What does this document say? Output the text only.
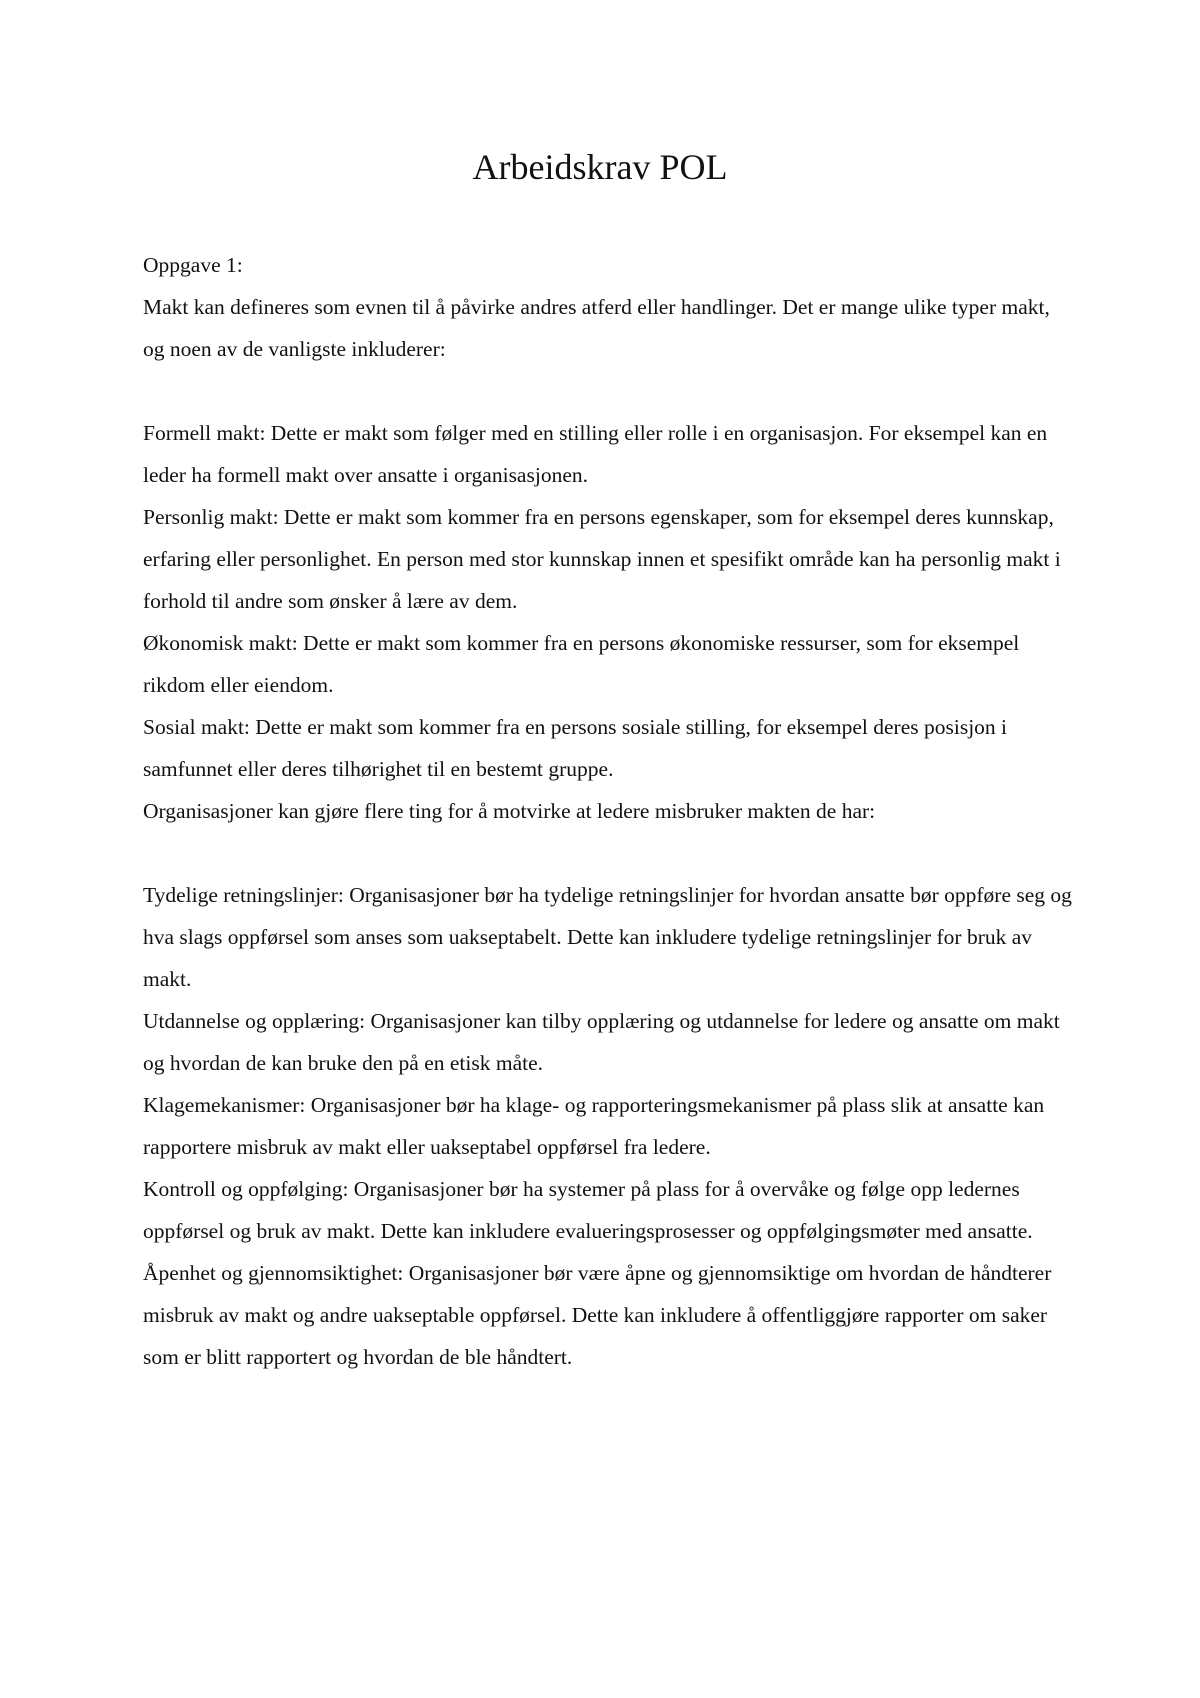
Arbeidskrav POL

Oppgave 1:

Makt kan defineres som evnen til å påvirke andres atferd eller handlinger. Det er mange ulike typer makt, og noen av de vanligste inkluderer:

Formell makt: Dette er makt som følger med en stilling eller rolle i en organisasjon. For eksempel kan en leder ha formell makt over ansatte i organisasjonen.

Personlig makt: Dette er makt som kommer fra en persons egenskaper, som for eksempel deres kunnskap, erfaring eller personlighet. En person med stor kunnskap innen et spesifikt område kan ha personlig makt i forhold til andre som ønsker å lære av dem.

Økonomisk makt: Dette er makt som kommer fra en persons økonomiske ressurser, som for eksempel rikdom eller eiendom.

Sosial makt: Dette er makt som kommer fra en persons sosiale stilling, for eksempel deres posisjon i samfunnet eller deres tilhørighet til en bestemt gruppe.

Organisasjoner kan gjøre flere ting for å motvirke at ledere misbruker makten de har:

Tydelige retningslinjer: Organisasjoner bør ha tydelige retningslinjer for hvordan ansatte bør oppføre seg og hva slags oppførsel som anses som uakseptabelt. Dette kan inkludere tydelige retningslinjer for bruk av makt.

Utdannelse og opplæring: Organisasjoner kan tilby opplæring og utdannelse for ledere og ansatte om makt og hvordan de kan bruke den på en etisk måte.

Klagemekanismer: Organisasjoner bør ha klage- og rapporteringsmekanismer på plass slik at ansatte kan rapportere misbruk av makt eller uakseptabel oppførsel fra ledere.

Kontroll og oppfølging: Organisasjoner bør ha systemer på plass for å overvåke og følge opp ledernes oppførsel og bruk av makt. Dette kan inkludere evalueringsprosesser og oppfølgingsmøter med ansatte.

Åpenhet og gjennomsiktighet: Organisasjoner bør være åpne og gjennomsiktige om hvordan de håndterer misbruk av makt og andre uakseptable oppførsel. Dette kan inkludere å offentliggjøre rapporter om saker som er blitt rapportert og hvordan de ble håndtert.
